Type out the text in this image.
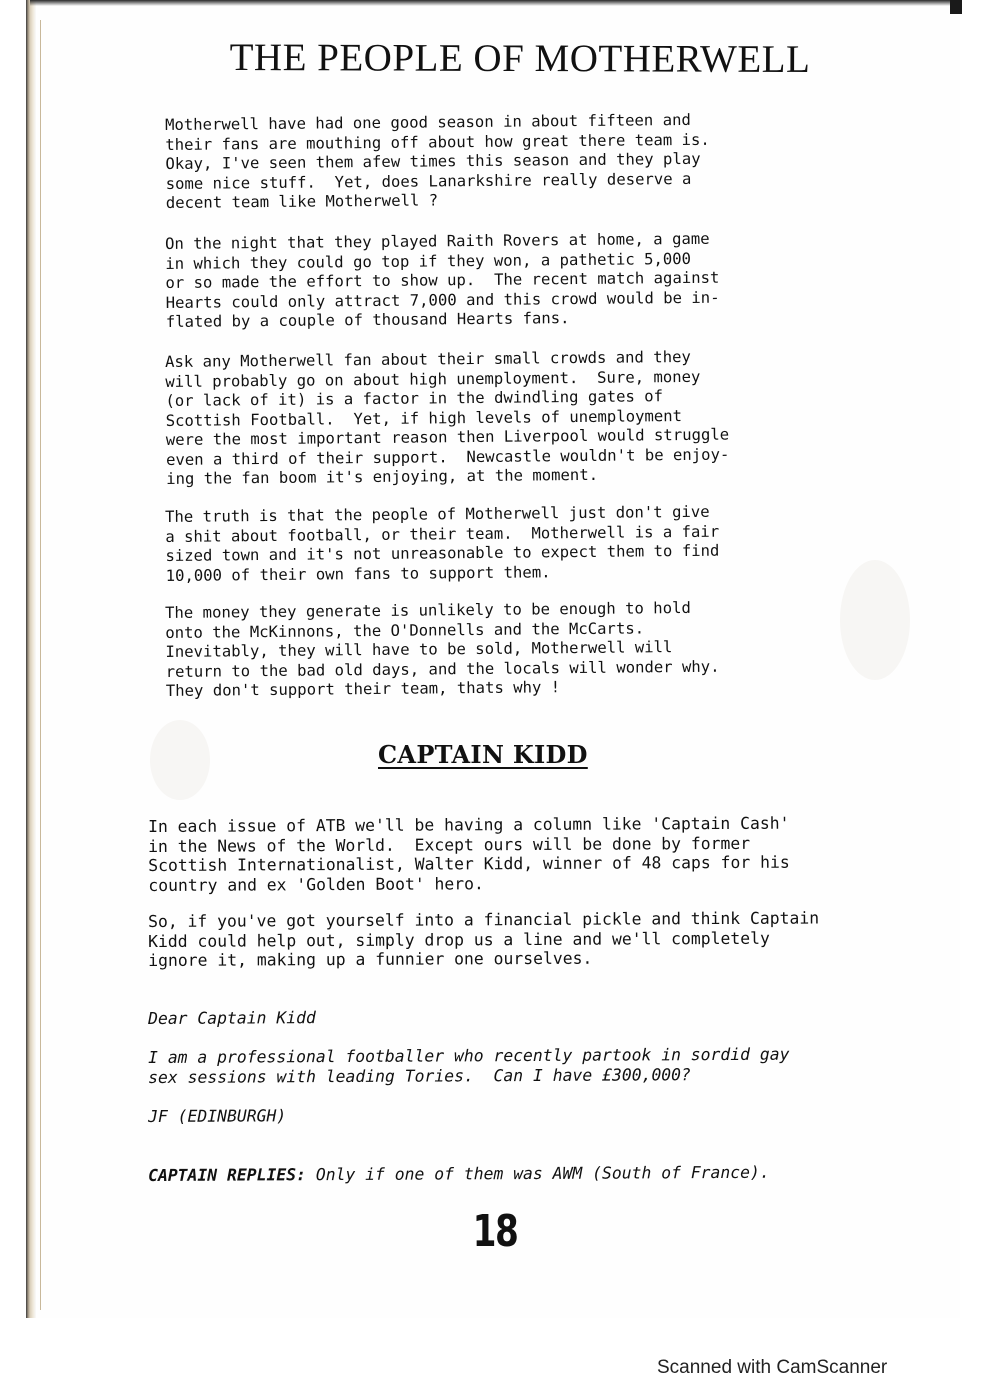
THE PEOPLE OF MOTHERWELL

Motherwell have had one good season in about fifteen and
their fans are mouthing off about how great there team is.
Okay, I've seen them afew times this season and they play
some nice stuff.  Yet, does Lanarkshire really deserve a
decent team like Motherwell ?

On the night that they played Raith Rovers at home, a game
in which they could go top if they won, a pathetic 5,000
or so made the effort to show up.  The recent match against
Hearts could only attract 7,000 and this crowd would be in-
flated by a couple of thousand Hearts fans.

Ask any Motherwell fan about their small crowds and they
will probably go on about high unemployment.  Sure, money
(or lack of it) is a factor in the dwindling gates of
Scottish Football.  Yet, if high levels of unemployment
were the most important reason then Liverpool would struggle
even a third of their support.  Newcastle wouldn't be enjoy-
ing the fan boom it's enjoying, at the moment.

The truth is that the people of Motherwell just don't give
a shit about football, or their team.  Motherwell is a fair
sized town and it's not unreasonable to expect them to find
10,000 of their own fans to support them.

The money they generate is unlikely to be enough to hold
onto the McKinnons, the O'Donnells and the McCarts.
Inevitably, they will have to be sold, Motherwell will
return to the bad old days, and the locals will wonder why.
They don't support their team, thats why !

CAPTAIN KIDD

In each issue of ATB we'll be having a column like 'Captain Cash'
in the News of the World.  Except ours will be done by former
Scottish Internationalist, Walter Kidd, winner of 48 caps for his
country and ex 'Golden Boot' hero.

So, if you've got yourself into a financial pickle and think Captain
Kidd could help out, simply drop us a line and we'll completely
ignore it, making up a funnier one ourselves.

Dear Captain Kidd

I am a professional footballer who recently partook in sordid gay
sex sessions with leading Tories.  Can I have £300,000?

JF (EDINBURGH)

CAPTAIN REPLIES: Only if one of them was AWM (South of France).

18
Scanned with CamScanner
